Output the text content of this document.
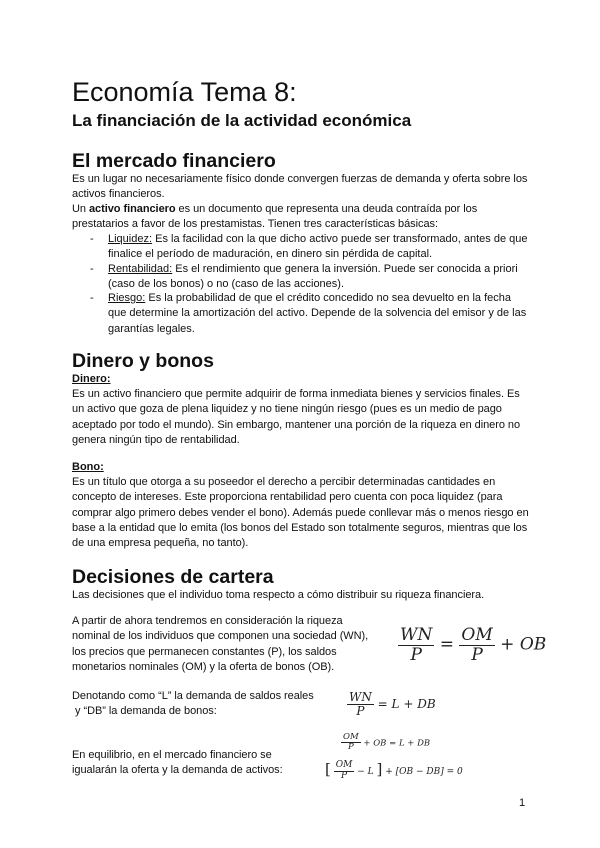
Economía Tema 8:
La financiación de la actividad económica
El mercado financiero
Es un lugar no necesariamente físico donde convergen fuerzas de demanda y oferta sobre los activos financieros.
Un activo financiero es un documento que representa una deuda contraída por los prestatarios a favor de los prestamistas. Tienen tres características básicas:
- Liquidez: Es la facilidad con la que dicho activo puede ser transformado, antes de que finalice el período de maduración, en dinero sin pérdida de capital.
- Rentabilidad: Es el rendimiento que genera la inversión. Puede ser conocida a priori (caso de los bonos) o no (caso de las acciones).
- Riesgo: Es la probabilidad de que el crédito concedido no sea devuelto en la fecha que determine la amortización del activo. Depende de la solvencia del emisor y de las garantías legales.
Dinero y bonos
Dinero:
Es un activo financiero que permite adquirir de forma inmediata bienes y servicios finales. Es un activo que goza de plena liquidez y no tiene ningún riesgo (pues es un medio de pago aceptado por todo el mundo). Sin embargo, mantener una porción de la riqueza en dinero no genera ningún tipo de rentabilidad.
Bono:
Es un título que otorga a su poseedor el derecho a percibir determinadas cantidades en concepto de intereses. Este proporciona rentabilidad pero cuenta con poca liquidez (para comprar algo primero debes vender el bono). Además puede conllevar más o menos riesgo en base a la entidad que lo emita (los bonos del Estado son totalmente seguros, mientras que los de una empresa pequeña, no tanto).
Decisiones de cartera
Las decisiones que el individuo toma respecto a cómo distribuir su riqueza financiera.
A partir de ahora tendremos en consideración la riqueza nominal de los individuos que componen una sociedad (WN), los precios que permanecen constantes (P), los saldos monetarios nominales (OM) y la oferta de bonos (OB).
$\frac{WN}{P} = \frac{OM}{P}$ + OB
Denotando como “L” la demanda de saldos reales
y “DB” la demanda de bonos:	$\frac{WN}{P} = L$ + DB
En equilibrio, en el mercado financiero se igualarán la oferta y la demanda de activos:
$\frac{OM}{P}$ + OB = L + DB
[ $\frac{OM}{P} - L$ ] + [OB − DB] = 0
1
